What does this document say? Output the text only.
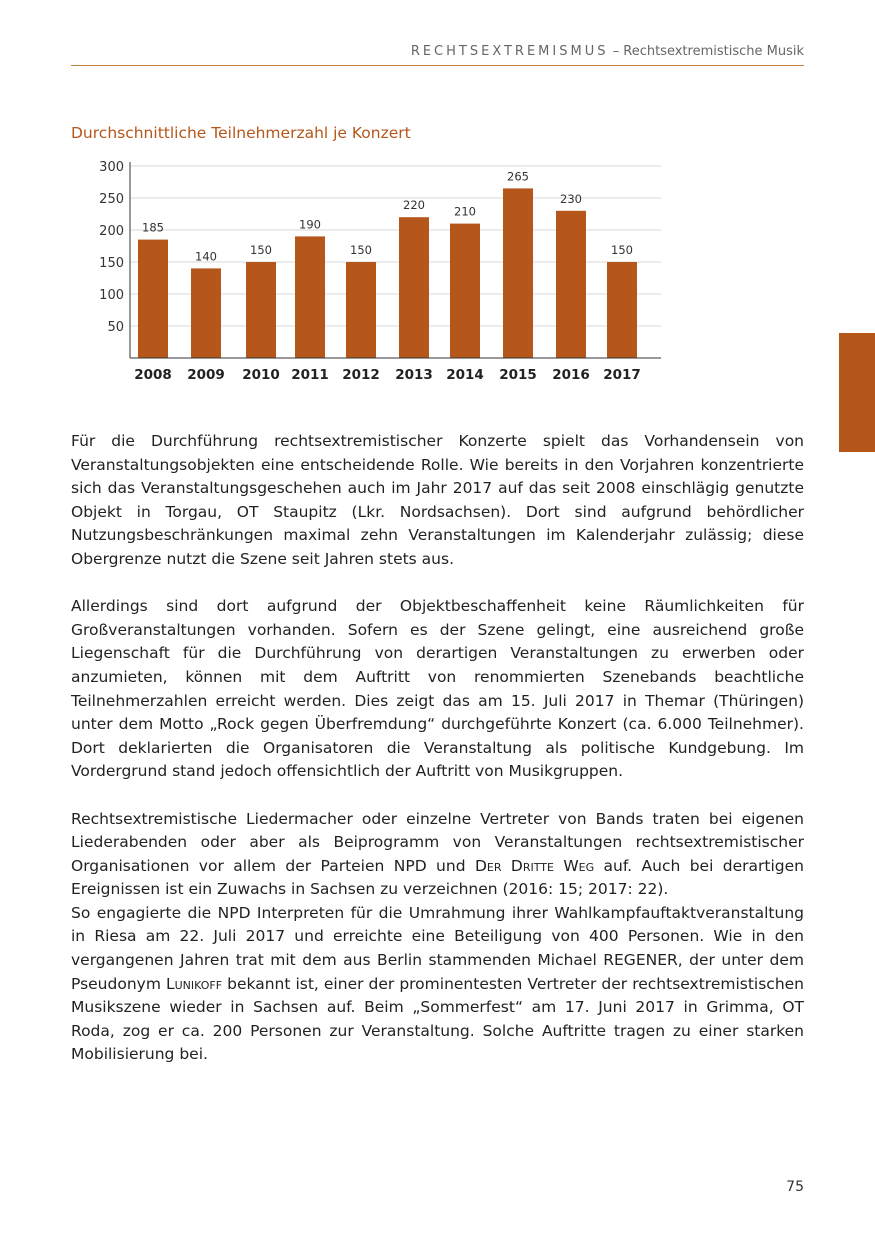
RECHTSEXTREMISMUS – Rechtsextremistische Musik
Durchschnittliche Teilnehmerzahl je Konzert
50
100
150
200
250
300
185
2008
140
2009
150
2010
190
2011
150
2012
220
2013
210
2014
265
2015
230
2016
150
2017

Für die Durchführung rechtsextremistischer Konzerte spielt das Vorhandensein von Veranstaltungsobjekten eine entscheidende Rolle. Wie bereits in den Vorjahren konzentrierte sich das Veranstaltungsgeschehen auch im Jahr 2017 auf das seit 2008 einschlägig genutzte Objekt in Torgau, OT Staupitz (Lkr. Nordsachsen). Dort sind aufgrund behördlicher Nutzungsbeschränkungen maximal zehn Veranstaltungen im Kalenderjahr zulässig; diese Obergrenze nutzt die Szene seit Jahren stets aus.

Allerdings sind dort aufgrund der Objektbeschaffenheit keine Räumlichkeiten für Großveranstaltungen vorhanden. Sofern es der Szene gelingt, eine ausreichend große Liegenschaft für die Durchführung von derartigen Veranstaltungen zu erwerben oder anzumieten, können mit dem Auftritt von renommierten Szenebands beachtliche Teilnehmerzahlen erreicht werden. Dies zeigt das am 15. Juli 2017 in Themar (Thüringen) unter dem Motto „Rock gegen Überfremdung“ durchgeführte Konzert (ca. 6.000 Teilnehmer). Dort deklarierten die Organisatoren die Veranstaltung als politische Kundgebung. Im Vordergrund stand jedoch offensichtlich der Auftritt von Musikgruppen.

Rechtsextremistische Liedermacher oder einzelne Vertreter von Bands traten bei eigenen Liederabenden oder aber als Beiprogramm von Veranstaltungen rechtsextremistischer Organisationen vor allem der Parteien NPD und Der Dritte Weg auf. Auch bei derartigen Ereignissen ist ein Zuwachs in Sachsen zu verzeichnen (2016: 15; 2017: 22).

So engagierte die NPD Interpreten für die Umrahmung ihrer Wahlkampfauftaktveranstaltung in Riesa am 22. Juli 2017 und erreichte eine Beteiligung von 400 Personen. Wie in den vergangenen Jahren trat mit dem aus Berlin stammenden Michael REGENER, der unter dem Pseudonym Lunikoff bekannt ist, einer der prominentesten Vertreter der rechtsextremistischen Musikszene wieder in Sachsen auf. Beim „Sommerfest“ am 17. Juni 2017 in Grimma, OT Roda, zog er ca. 200 Personen zur Veranstaltung. Solche Auftritte tragen zu einer starken Mobilisierung bei.

75
